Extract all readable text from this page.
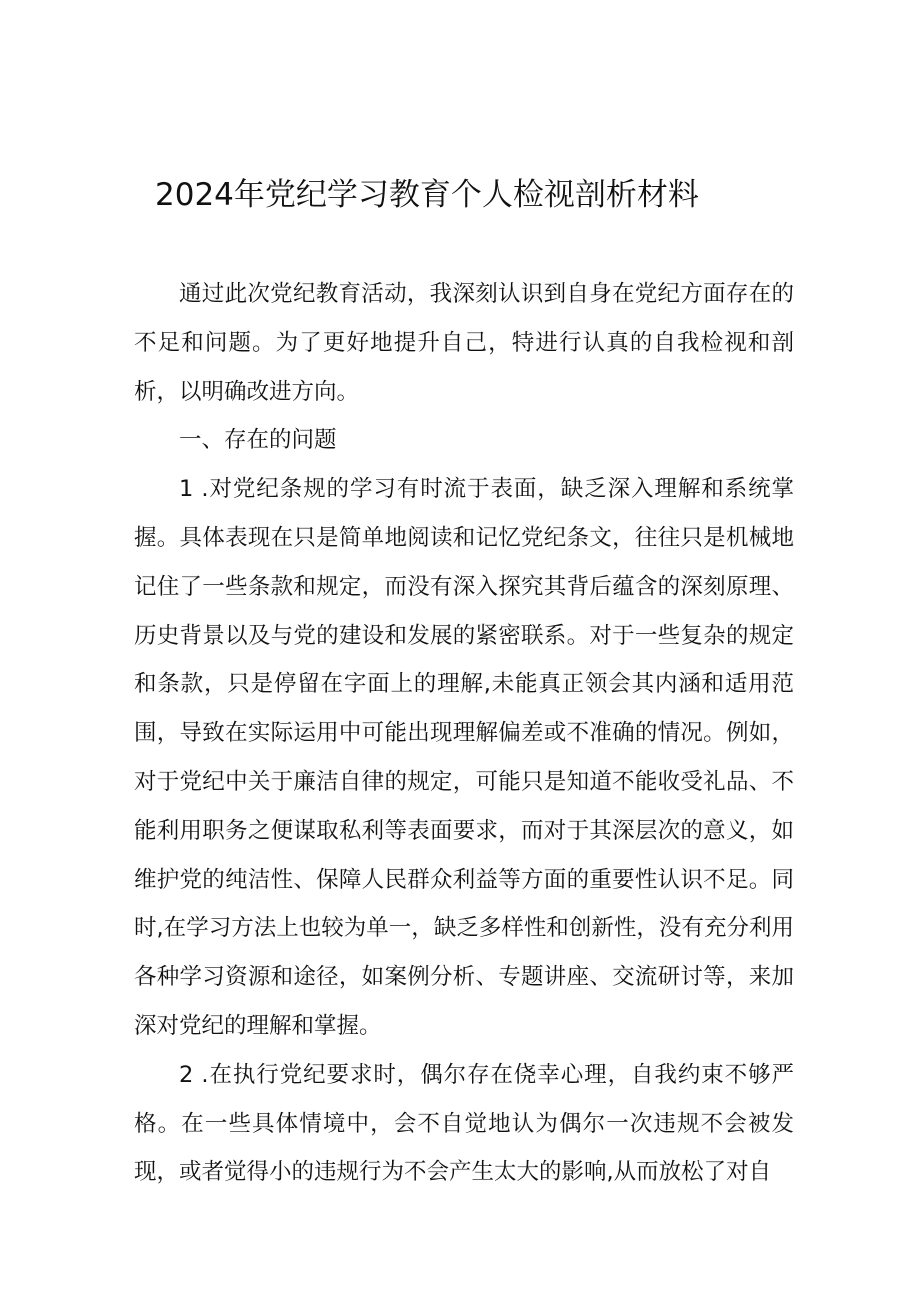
2024年党纪学习教育个人检视剖析材料

通过此次党纪教育活动，我深刻认识到自身在党纪方面存在的不足和问题。为了更好地提升自己，特进行认真的自我检视和剖析，以明确改进方向。

一、存在的问题

1 .对党纪条规的学习有时流于表面，缺乏深入理解和系统掌握。具体表现在只是简单地阅读和记忆党纪条文，往往只是机械地记住了一些条款和规定，而没有深入探究其背后蕴含的深刻原理、历史背景以及与党的建设和发展的紧密联系。对于一些复杂的规定和条款，只是停留在字面上的理解,未能真正领会其内涵和适用范围，导致在实际运用中可能出现理解偏差或不准确的情况。例如，对于党纪中关于廉洁自律的规定，可能只是知道不能收受礼品、不能利用职务之便谋取私利等表面要求，而对于其深层次的意义，如维护党的纯洁性、保障人民群众利益等方面的重要性认识不足。同时,在学习方法上也较为单一，缺乏多样性和创新性，没有充分利用各种学习资源和途径，如案例分析、专题讲座、交流研讨等，来加深对党纪的理解和掌握。

2 .在执行党纪要求时，偶尔存在侥幸心理，自我约束不够严格。在一些具体情境中，会不自觉地认为偶尔一次违规不会被发现，或者觉得小的违规行为不会产生太大的影响,从而放松了对自
